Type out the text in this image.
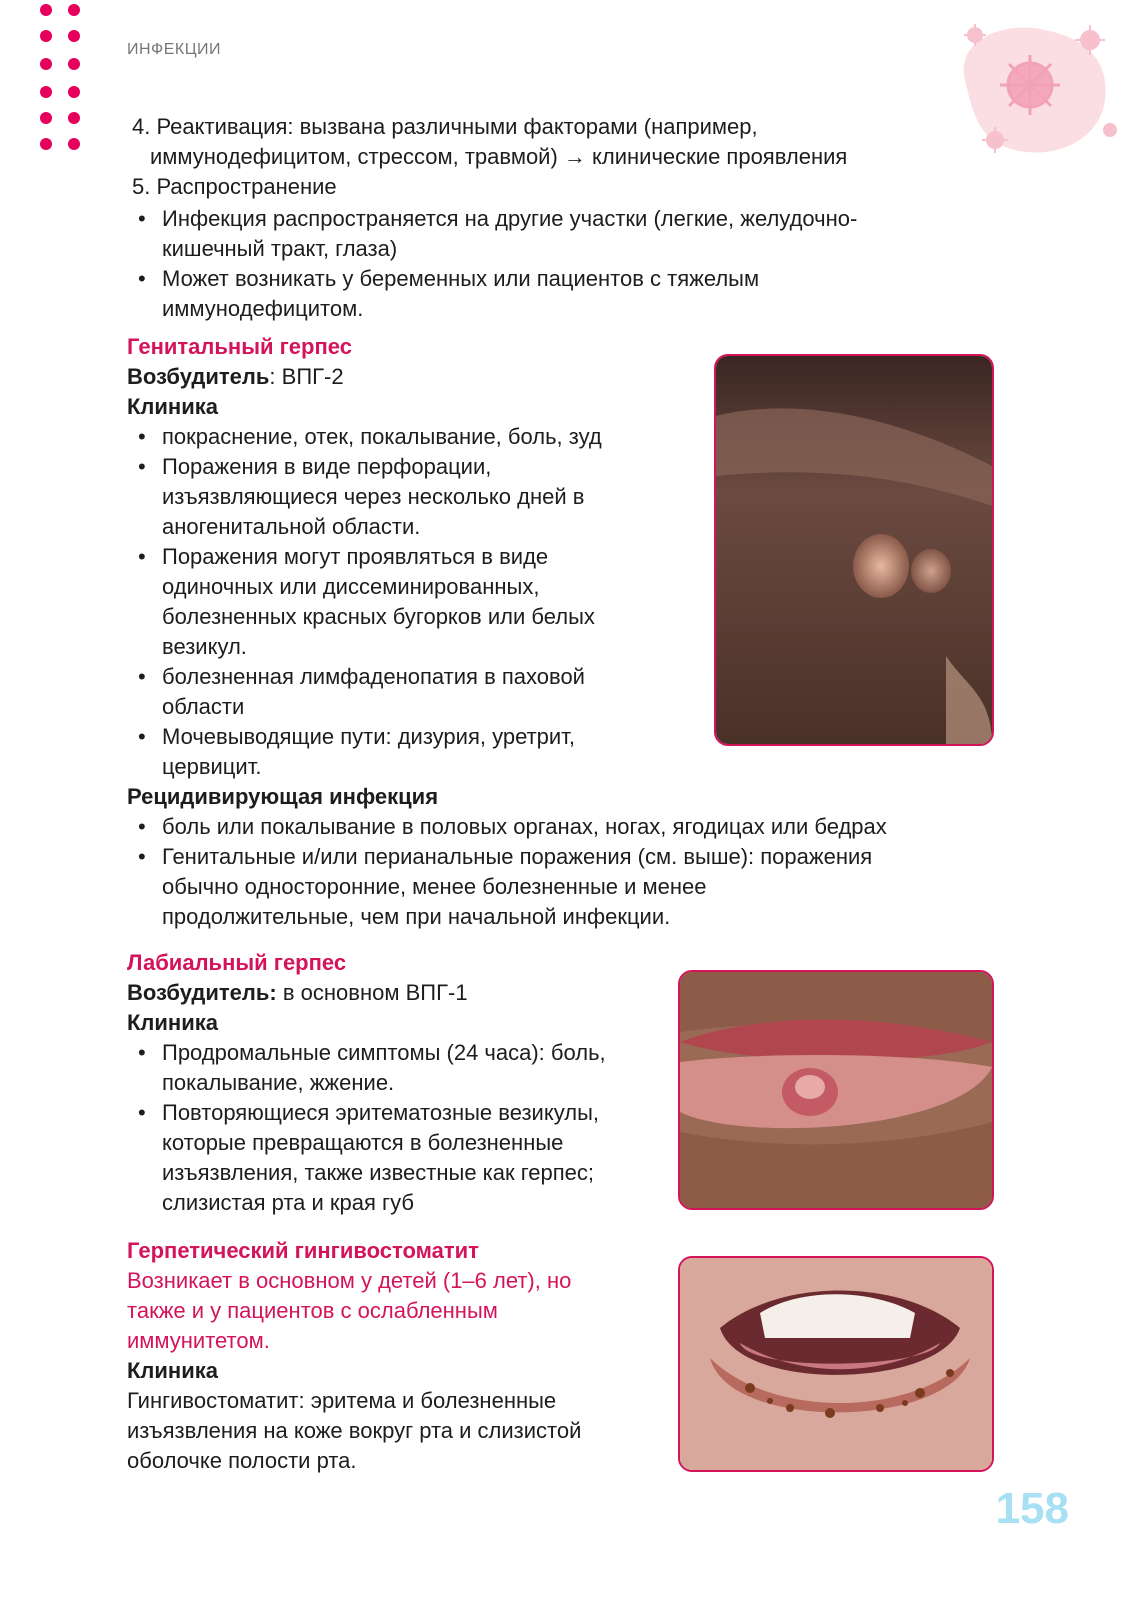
ИНФЕКЦИИ
4. Реактивация: вызвана различными факторами (например,
иммунодефицитом, стрессом, травмой) → клинические проявления
5. Распространение
• Инфекция распространяется на другие участки (легкие, желудочно-
кишечный тракт, глаза)
• Может возникать у беременных или пациентов с тяжелым
иммунодефицитом.
Генитальный герпес
Возбудитель: ВПГ-2
Клиника
• покраснение, отек, покалывание, боль, зуд
• Поражения в виде перфорации,
изъязвляющиеся через несколько дней в
аногенитальной области.
• Поражения могут проявляться в виде
одиночных или диссеминированных,
болезненных красных бугорков или белых
везикул.
• болезненная лимфаденопатия в паховой
области
• Мочевыводящие пути: дизурия, уретрит,
цервицит.
Рецидивирующая инфекция
• боль или покалывание в половых органах, ногах, ягодицах или бедрах
• Генитальные и/или перианальные поражения (см. выше): поражения
обычно односторонние, менее болезненные и менее
продолжительные, чем при начальной инфекции.
Лабиальный герпес
Возбудитель: в основном ВПГ-1
Клиника
• Продромальные симптомы (24 часа): боль,
покалывание, жжение.
• Повторяющиеся эритематозные везикулы,
которые превращаются в болезненные
изъязвления, также известные как герпес;
слизистая рта и края губ
Герпетический гингивостоматит
Возникает в основном у детей (1–6 лет), но
также и у пациентов с ослабленным
иммунитетом.
Клиника
Гингивостоматит: эритема и болезненные
изъязвления на коже вокруг рта и слизистой
оболочке полости рта.
158
